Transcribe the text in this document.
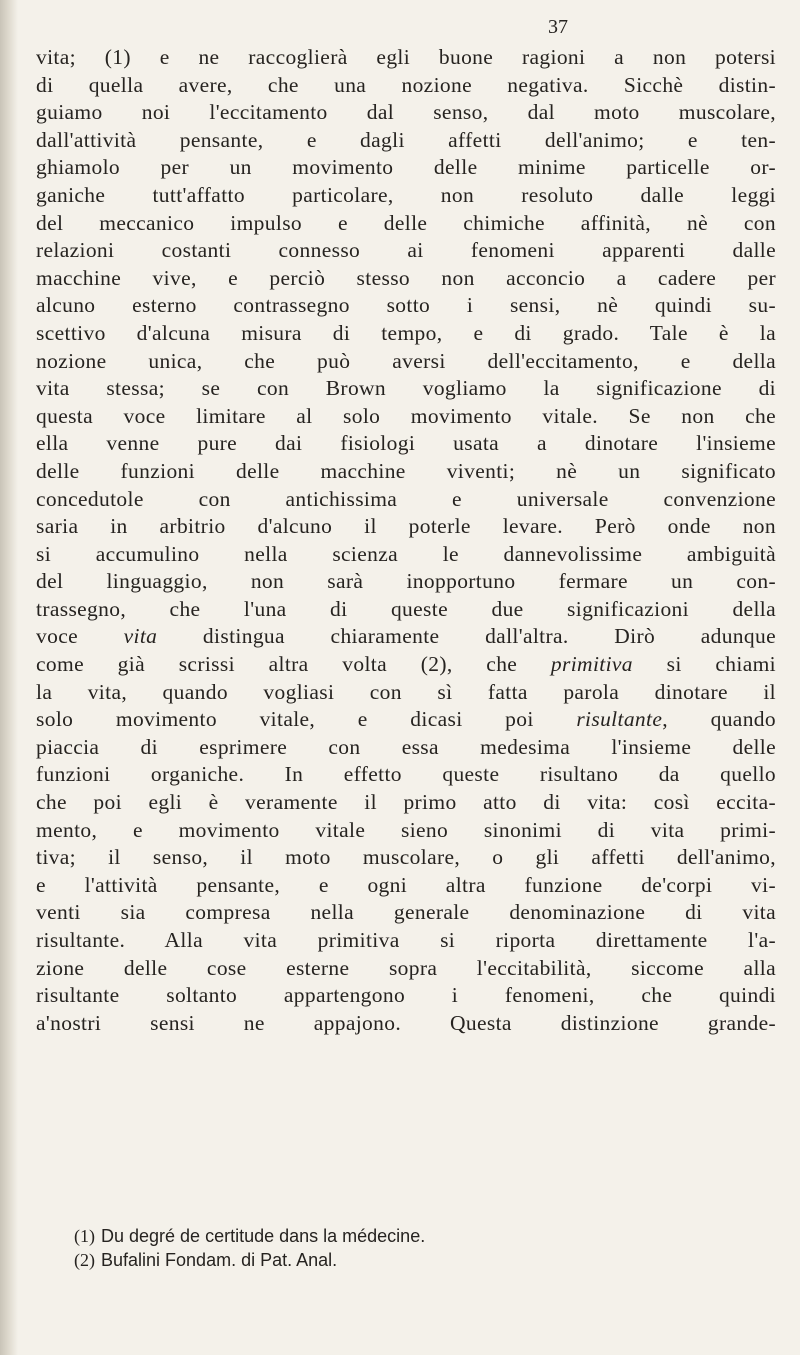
37
vita; (1) e ne raccoglierà egli buone ragioni a non potersi
di quella avere, che una nozione negativa. Sicchè distin-
guiamo noi l'eccitamento dal senso, dal moto muscolare,
dall'attività pensante, e dagli affetti dell'animo; e ten-
ghiamolo per un movimento delle minime particelle or-
ganiche tutt'affatto particolare, non resoluto dalle leggi
del meccanico impulso e delle chimiche affinità, nè con
relazioni costanti connesso ai fenomeni apparenti dalle
macchine vive, e perciò stesso non acconcio a cadere per
alcuno esterno contrassegno sotto i sensi, nè quindi su-
scettivo d'alcuna misura di tempo, e di grado. Tale è la
nozione unica, che può aversi dell'eccitamento, e della
vita stessa; se con Brown vogliamo la significazione di
questa voce limitare al solo movimento vitale. Se non che
ella venne pure dai fisiologi usata a dinotare l'insieme
delle funzioni delle macchine viventi; nè un significato
concedutole con antichissima e universale convenzione
saria in arbitrio d'alcuno il poterle levare. Però onde non
si accumulino nella scienza le dannevolissime ambiguità
del linguaggio, non sarà inopportuno fermare un con-
trassegno, che l'una di queste due significazioni della
voce vita distingua chiaramente dall'altra. Dirò adunque
come già scrissi altra volta (2), che primitiva si chiami
la vita, quando vogliasi con sì fatta parola dinotare il
solo movimento vitale, e dicasi poi risultante, quando
piaccia di esprimere con essa medesima l'insieme delle
funzioni organiche. In effetto queste risultano da quello
che poi egli è veramente il primo atto di vita: così eccita-
mento, e movimento vitale sieno sinonimi di vita primi-
tiva; il senso, il moto muscolare, o gli affetti dell'animo,
e l'attività pensante, e ogni altra funzione de'corpi vi-
venti sia compresa nella generale denominazione di vita
risultante. Alla vita primitiva si riporta direttamente l'a-
zione delle cose esterne sopra l'eccitabilità, siccome alla
risultante soltanto appartengono i fenomeni, che quindi
a'nostri sensi ne appajono. Questa distinzione grande-
(1) Du degré de certitude dans la médecine.
(2) Bufalini Fondam. di Pat. Anal.
